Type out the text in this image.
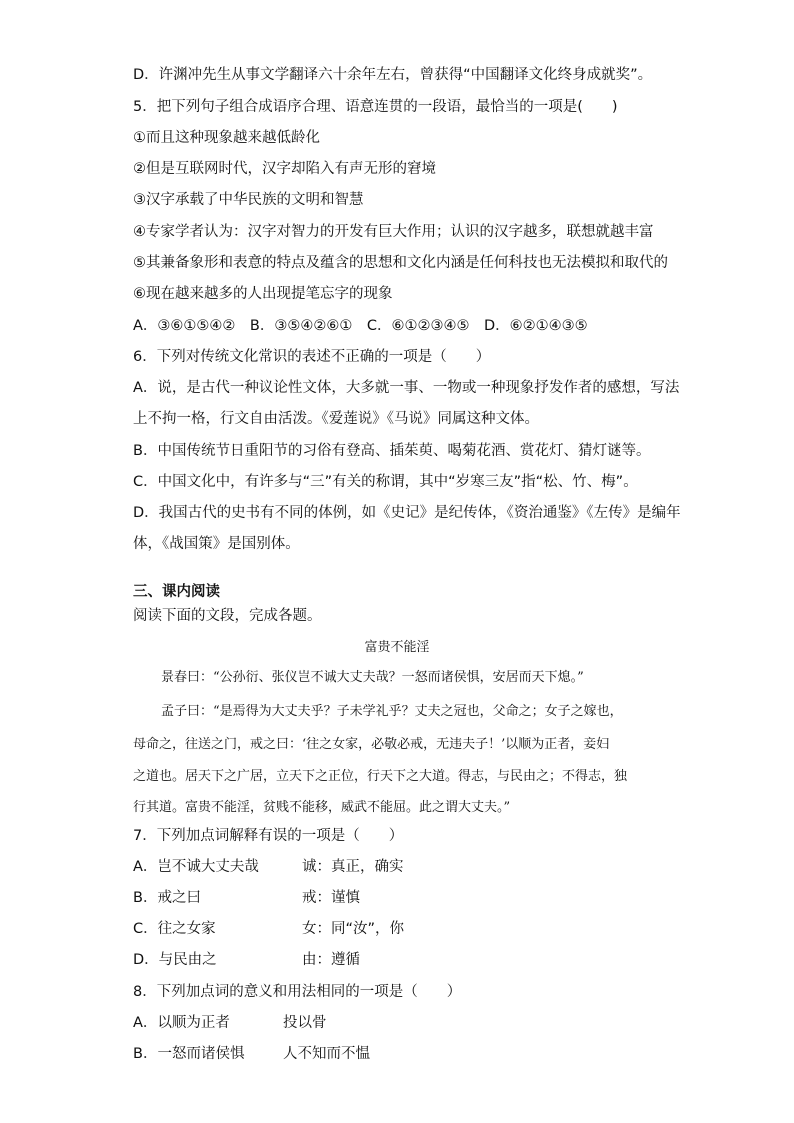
D．许渊冲先生从事文学翻译六十余年左右，曾获得“中国翻译文化终身成就奖”。
5．把下列句子组合成语序合理、语意连贯的一段语，最恰当的一项是(　　)
①而且这种现象越来越低龄化
②但是互联网时代，汉字却陷入有声无形的窘境
③汉字承载了中华民族的文明和智慧
④专家学者认为：汉字对智力的开发有巨大作用；认识的汉字越多，联想就越丰富
⑤其兼备象形和表意的特点及蕴含的思想和文化内涵是任何科技也无法模拟和取代的
⑥现在越来越多的人出现提笔忘字的现象
A．③⑥①⑤④②　B．③⑤④②⑥①　C．⑥①②③④⑤　D．⑥②①④③⑤
6．下列对传统文化常识的表述不正确的一项是（　　）
A．说，是古代一种议论性文体，大多就一事、一物或一种现象抒发作者的感想，写法
上不拘一格，行文自由活泼。《爱莲说》《马说》同属这种文体。
B．中国传统节日重阳节的习俗有登高、插茱萸、喝菊花酒、赏花灯、猜灯谜等。
C．中国文化中，有许多与“三”有关的称谓，其中“岁寒三友”指“松、竹、梅”。
D．我国古代的史书有不同的体例，如《史记》是纪传体，《资治通鉴》《左传》是编年
体，《战国策》是国别体。
三、课内阅读
阅读下面的文段，完成各题。
富贵不能淫
景春曰：“公孙衍、张仪岂不诚大丈夫哉？一怒而诸侯惧，安居而天下熄。”
孟子曰：“是焉得为大丈夫乎？子未学礼乎？丈夫之冠也，父命之；女子之嫁也，
母命之，往送之门，戒之曰：‘往之女家，必敬必戒，无违夫子！’以顺为正者，妾妇
之道也。居天下之广居，立天下之正位，行天下之大道。得志，与民由之；不得志，独
行其道。富贵不能淫，贫贱不能移，威武不能屈。此之谓大丈夫。”
7．下列加点词解释有误的一项是（　　）
A．岂不诚大丈夫哉	诚：真正，确实
B．戒之曰	戒：谨慎
C．往之女家	女：同“汝”，你
D．与民由之	由：遵循
8．下列加点词的意义和用法相同的一项是（　　）
A．以顺为正者	投以骨
B．一怒而诸侯惧	人不知而不愠
